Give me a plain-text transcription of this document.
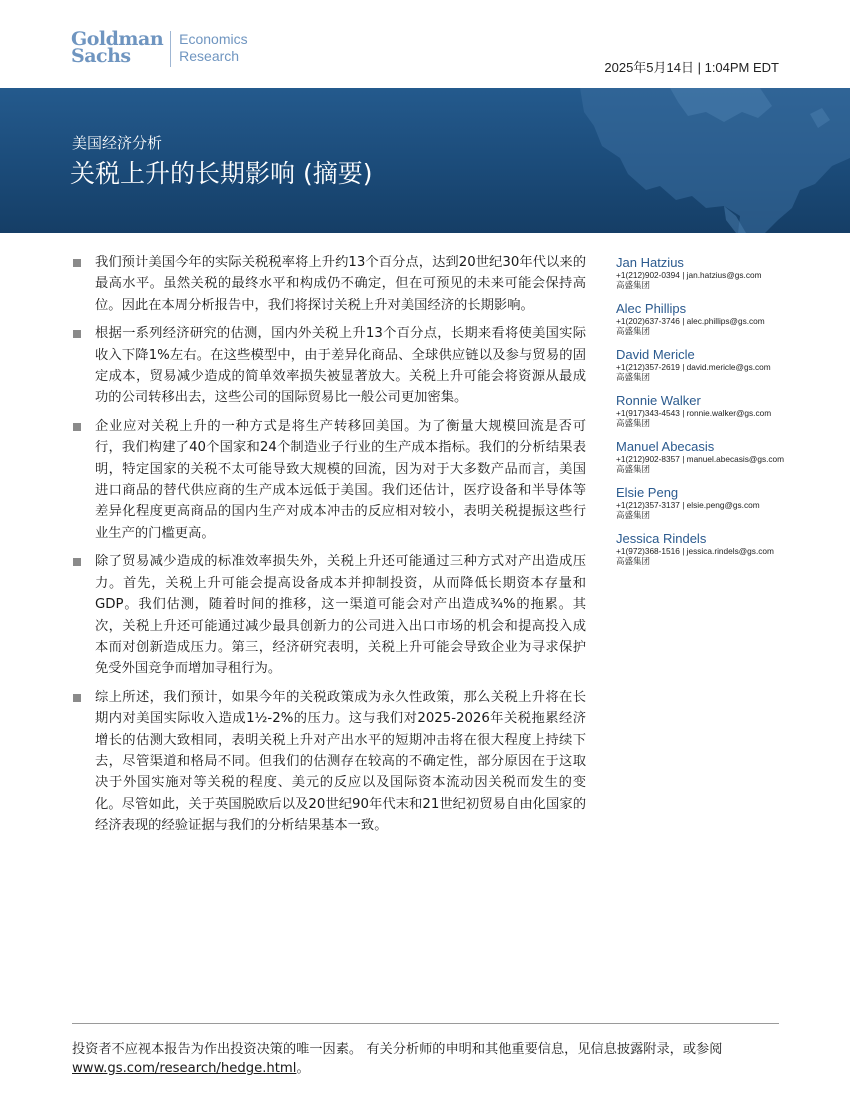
Goldman
Sachs
Economics
Research
2025年5月14日 | 1:04PM EDT
美国经济分析
关税上升的长期影响 (摘要)
我们预计美国今年的实际关税税率将上升约13个百分点，达到20世纪30年代以来的最高水平。虽然关税的最终水平和构成仍不确定，但在可预见的未来可能会保持高位。因此在本周分析报告中，我们将探讨关税上升对美国经济的长期影响。
根据一系列经济研究的估测，国内外关税上升13个百分点，长期来看将使美国实际收入下降1%左右。在这些模型中，由于差异化商品、全球供应链以及参与贸易的固定成本，贸易减少造成的简单效率损失被显著放大。关税上升可能会将资源从最成功的公司转移出去，这些公司的国际贸易比一般公司更加密集。
企业应对关税上升的一种方式是将生产转移回美国。为了衡量大规模回流是否可行，我们构建了40个国家和24个制造业子行业的生产成本指标。我们的分析结果表明，特定国家的关税不太可能导致大规模的回流，因为对于大多数产品而言，美国进口商品的替代供应商的生产成本远低于美国。我们还估计，医疗设备和半导体等差异化程度更高商品的国内生产对成本冲击的反应相对较小，表明关税提振这些行业生产的门槛更高。
除了贸易减少造成的标准效率损失外，关税上升还可能通过三种方式对产出造成压力。首先，关税上升可能会提高设备成本并抑制投资，从而降低长期资本存量和GDP。我们估测，随着时间的推移，这一渠道可能会对产出造成¾%的拖累。其次，关税上升还可能通过减少最具创新力的公司进入出口市场的机会和提高投入成本而对创新造成压力。第三，经济研究表明，关税上升可能会导致企业为寻求保护免受外国竞争而增加寻租行为。
综上所述，我们预计，如果今年的关税政策成为永久性政策，那么关税上升将在长期内对美国实际收入造成1½-2%的压力。这与我们对2025-2026年关税拖累经济增长的估测大致相同，表明关税上升对产出水平的短期冲击将在很大程度上持续下去，尽管渠道和格局不同。但我们的估测存在较高的不确定性，部分原因在于这取决于外国实施对等关税的程度、美元的反应以及国际资本流动因关税而发生的变化。尽管如此，关于英国脱欧后以及20世纪90年代末和21世纪初贸易自由化国家的经济表现的经验证据与我们的分析结果基本一致。
Jan Hatzius
+1(212)902-0394 | jan.hatzius@gs.com
高盛集团
Alec Phillips
+1(202)637-3746 | alec.phillips@gs.com
高盛集团
David Mericle
+1(212)357-2619 | david.mericle@gs.com
高盛集团
Ronnie Walker
+1(917)343-4543 | ronnie.walker@gs.com
高盛集团
Manuel Abecasis
+1(212)902-8357 | manuel.abecasis@gs.com
高盛集团
Elsie Peng
+1(212)357-3137 | elsie.peng@gs.com
高盛集团
Jessica Rindels
+1(972)368-1516 | jessica.rindels@gs.com
高盛集团
投资者不应视本报告为作出投资决策的唯一因素。 有关分析师的申明和其他重要信息，见信息披露附录，或参阅
www.gs.com/research/hedge.html。
